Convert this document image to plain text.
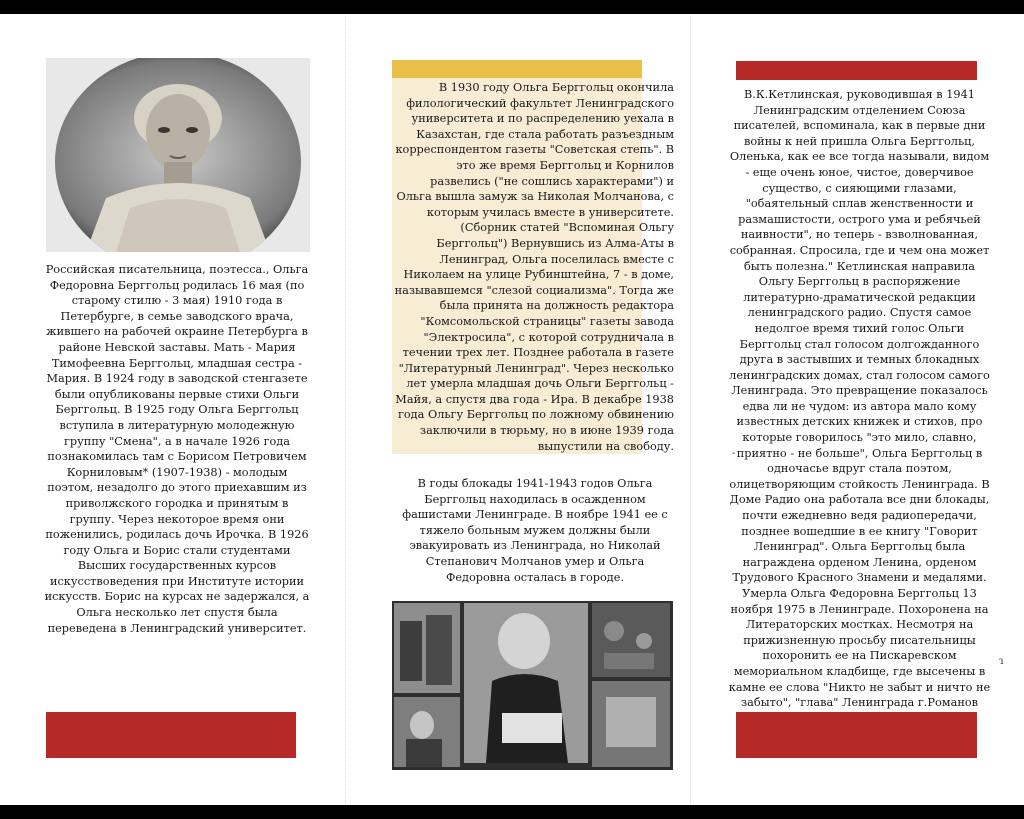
Российская писательница, поэтесса., Ольга Федоровна Берггольц родилась 16 мая (по старому стилю - 3 мая) 1910 года в Петербурге, в семье заводского врача, жившего на рабочей окраине Петербурга в районе Невской заставы. Мать - Мария Тимофеевна Берггольц, младшая сестра - Мария. В 1924 году в заводской стенгазете были опубликованы первые стихи Ольги Берггольц. В 1925 году Ольга Берггольц вступила в литературную молодежную группу "Смена", а в начале 1926 года познакомилась там с Борисом Петровичем Корниловым* (1907-1938) - молодым поэтом, незадолго до этого приехавшим из приволжского городка и принятым в группу. Через некоторое время они поженились, родилась дочь Ирочка. В 1926 году Ольга и Борис стали студентами Высших государственных курсов искусствоведения при Институте истории искусств. Борис на курсах не задержался, а Ольга несколько лет спустя была переведена в Ленинградский университет.

В 1930 году Ольга Берггольц окончила филологический факультет Ленинградского университета и по распределению уехала в Казахстан, где стала работать разъездным корреспондентом газеты "Советская степь". В это же время Берггольц и Корнилов развелись ("не сошлись характерами") и Ольга вышла замуж за Николая Молчанова, с которым училась вместе в университете. (Сборник статей "Вспоминая Ольгу Берггольц") Вернувшись из Алма-Аты в Ленинград, Ольга поселилась вместе с Николаем на улице Рубинштейна, 7 - в доме, называвшемся "слезой социализма". Тогда же была принята на должность редактора "Комсомольской страницы" газеты завода "Электросила", с которой сотрудничала в течении трех лет. Позднее работала в газете "Литературный Ленинград". Через несколько лет умерла младшая дочь Ольги Берггольц - Майя, а спустя два года - Ира. В декабре 1938 года Ольгу Берггольц по ложному обвинению заключили в тюрьму, но в июне 1939 года выпустили на свободу.

-

В годы блокады 1941-1943 годов Ольга Берггольц находилась в осажденном фашистами Ленинграде. В ноябре 1941 ее с тяжело больным мужем должны были эвакуировать из Ленинграда, но Николай Степанович Молчанов умер и Ольга Федоровна осталась в городе.

В.К.Кетлинская, руководившая в 1941 Ленинградским отделением Союза писателей, вспоминала, как в первые дни войны к ней пришла Ольга Берггольц, Оленька, как ее все тогда называли, видом - еще очень юное, чистое, доверчивое существо, с сияющими глазами, "обаятельный сплав женственности и размашистости, острого ума и ребячьей наивности", но теперь - взволнованная, собранная. Спросила, где и чем она может быть полезна." Кетлинская направила Ольгу Берггольц в распоряжение литературно-драматической редакции ленинградского радио. Спустя самое недолгое время тихий голос Ольги Берггольц стал голосом долгожданного друга в застывших и темных блокадных ленинградских домах, стал голосом самого Ленинграда. Это превращение показалось едва ли не чудом: из автора мало кому известных детских книжек и стихов, про которые говорилось "это мило, славно, приятно - не больше", Ольга Берггольц в одночасье вдруг стала поэтом, олицетворяющим стойкость Ленинграда. В Доме Радио она работала все дни блокады, почти ежедневно ведя радиопередачи, позднее вошедшие в ее книгу "Говорит Ленинград". Ольга Берггольц была награждена орденом Ленина, орденом Трудового Красного Знамени и медалями. Умерла Ольга Федоровна Берггольц 13 ноября 1975 в Ленинграде. Похоронена на Литераторских мостках. Несмотря на прижизненную просьбу писательницы похоронить ее на Пискаревском мемориальном кладбище, где высечены в камне ее слова "Никто не забыт и ничто не забыто", "глава" Ленинграда г.Романов

ɿ
